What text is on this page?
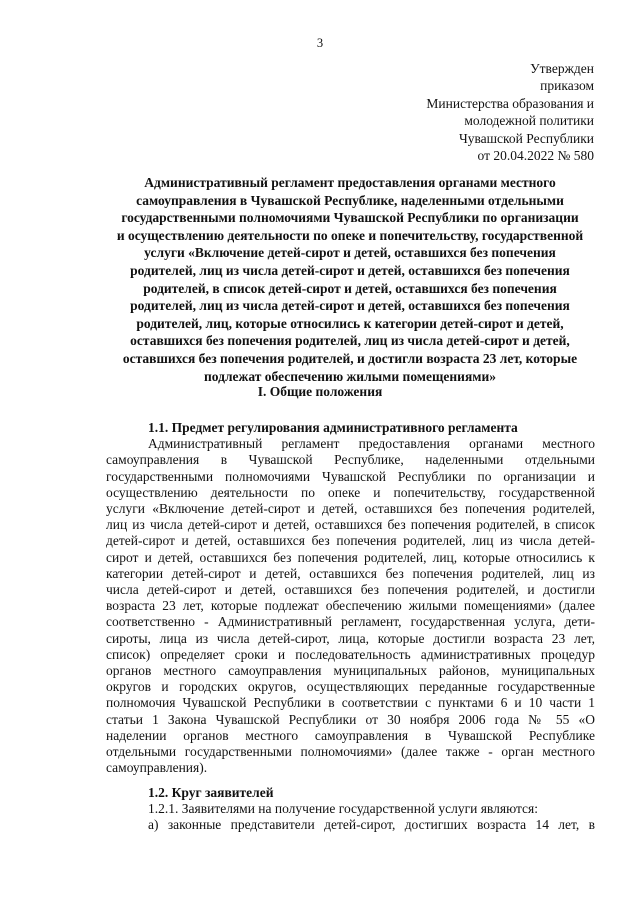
3
Утвержден
приказом
Министерства образования и
молодежной политики
Чувашской Республики
от 20.04.2022 № 580
Административный регламент предоставления органами местного
самоуправления в Чувашской Республике, наделенными отдельными
государственными полномочиями Чувашской Республики по организации
и осуществлению деятельности по опеке и попечительству, государственной
услуги «Включение детей-сирот и детей, оставшихся без попечения
родителей, лиц из числа детей-сирот и детей, оставшихся без попечения
родителей, в список детей-сирот и детей, оставшихся без попечения
родителей, лиц из числа детей-сирот и детей, оставшихся без попечения
родителей, лиц, которые относились к категории детей-сирот и детей,
оставшихся без попечения родителей, лиц из числа детей-сирот и детей,
оставшихся без попечения родителей, и достигли возраста 23 лет, которые
подлежат обеспечению жилыми помещениями»
I. Общие положения
1.1. Предмет регулирования административного регламента
Административный регламент предоставления органами местного
самоуправления в Чувашской Республике, наделенными отдельными
государственными полномочиями Чувашской Республики по организации и
осуществлению деятельности по опеке и попечительству, государственной
услуги «Включение детей-сирот и детей, оставшихся без попечения родителей,
лиц из числа детей-сирот и детей, оставшихся без попечения родителей, в список
детей-сирот и детей, оставшихся без попечения родителей, лиц из числа детей-
сирот и детей, оставшихся без попечения родителей, лиц, которые относились к
категории детей-сирот и детей, оставшихся без попечения родителей, лиц из
числа детей-сирот и детей, оставшихся без попечения родителей, и достигли
возраста 23 лет, которые подлежат обеспечению жилыми помещениями» (далее
соответственно - Административный регламент, государственная услуга, дети-
сироты, лица из числа детей-сирот, лица, которые достигли возраста 23 лет,
список) определяет сроки и последовательность административных процедур
органов местного самоуправления муниципальных районов, муниципальных
округов и городских округов, осуществляющих переданные государственные
полномочия Чувашской Республики в соответствии с пунктами 6 и 10 части 1
статьи 1 Закона Чувашской Республики от 30 ноября 2006 года № 55 «О
наделении органов местного самоуправления в Чувашской Республике
отдельными государственными полномочиями» (далее также - орган местного
самоуправления).
1.2. Круг заявителей
1.2.1. Заявителями на получение государственной услуги являются:
а) законные представители детей-сирот, достигших возраста 14 лет, в
